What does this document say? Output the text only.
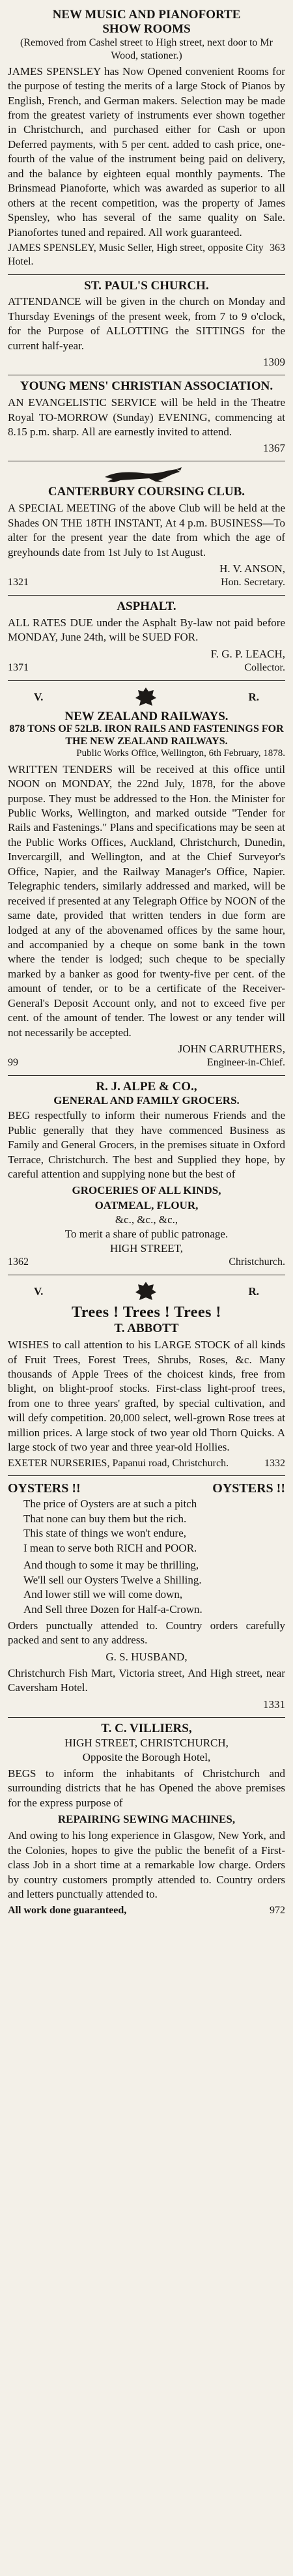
NEW MUSIC AND PIANOFORTE
SHOW ROOMS
(Removed from Cashel street to High street, next door to Mr Wood, stationer.)

JAMES SPENSLEY has Now Opened convenient Rooms for the purpose of testing the merits of a large Stock of Pianos by English, French, and German makers. Selection may be made from the greatest variety of instruments ever shown together in Christchurch, and purchased either for Cash or upon Deferred payments, with 5 per cent. added to cash price, one-fourth of the value of the instrument being paid on delivery, and the balance by eighteen equal monthly payments. The Brinsmead Pianoforte, which was awarded as superior to all others at the recent competition, was the property of James Spensley, who has several of the same quality on Sale. Pianofortes tuned and repaired. All work guaranteed.

JAMES SPENSLEY, Music Seller, High street, opposite City Hotel.
363
ST. PAUL'S CHURCH.

ATTENDANCE will be given in the church on Monday and Thursday Evenings of the present week, from 7 to 9 o'clock, for the Purpose of ALLOTTING the SITTINGS for the current half-year.

1309
YOUNG MENS' CHRISTIAN ASSOCIATION.

AN EVANGELISTIC SERVICE will be held in the Theatre Royal TO-MORROW (Sunday) EVENING, commencing at 8.15 p.m. sharp. All are earnestly invited to attend.

1367
CANTERBURY COURSING CLUB.

A SPECIAL MEETING of the above Club will be held at the Shades ON THE 18TH INSTANT, At 4 p.m. BUSINESS—To alter for the present year the date from which the age of greyhounds date from 1st July to 1st August.

H. V. ANSON,
1321	Hon. Secretary.
ASPHALT.

ALL RATES DUE under the Asphalt By-law not paid before MONDAY, June 24th, will be SUED FOR.

F. G. P. LEACH,
1371	Collector.
V.	R.
NEW ZEALAND RAILWAYS.
878 TONS OF 52LB. IRON RAILS AND FASTENINGS FOR THE NEW ZEALAND RAILWAYS.
Public Works Office, Wellington, 6th February, 1878.

WRITTEN TENDERS will be received at this office until NOON on MONDAY, the 22nd July, 1878, for the above purpose. They must be addressed to the Hon. the Minister for Public Works, Wellington, and marked outside "Tender for Rails and Fastenings." Plans and specifications may be seen at the Public Works Offices, Auckland, Christchurch, Dunedin, Invercargill, and Wellington, and at the Chief Surveyor's Office, Napier, and the Railway Manager's Office, Napier. Telegraphic tenders, similarly addressed and marked, will be received if presented at any Telegraph Office by NOON of the same date, provided that written tenders in due form are lodged at any of the abovenamed offices by the same hour, and accompanied by a cheque on some bank in the town where the tender is lodged; such cheque to be specially marked by a banker as good for twenty-five per cent. of the amount of tender, or to be a certificate of the Receiver-General's Deposit Account only, and not to exceed five per cent. of the amount of tender. The lowest or any tender will not necessarily be accepted.

JOHN CARRUTHERS,
99	Engineer-in-Chief.
R. J. ALPE & CO.,
GENERAL AND FAMILY GROCERS.

BEG respectfully to inform their numerous Friends and the Public generally that they have commenced Business as Family and General Grocers, in the premises situate in Oxford Terrace, Christchurch. The best and Supplied they hope, by careful attention and supplying none but the best of

GROCERIES OF ALL KINDS,
OATMEAL, FLOUR,
&c., &c., &c.,
To merit a share of public patronage.
HIGH STREET,
1362	Christchurch.
V.	R.
Trees ! Trees ! Trees !
T. ABBOTT

WISHES to call attention to his LARGE STOCK of all kinds of Fruit Trees, Forest Trees, Shrubs, Roses, &c. Many thousands of Apple Trees of the choicest kinds, free from blight, on blight-proof stocks. First-class light-proof trees, from one to three years' grafted, by special cultivation, and will defy competition. 20,000 select, well-grown Rose trees at million prices. A large stock of two year old Thorn Quicks. A large stock of two year and three year-old Hollies.

EXETER NURSERIES, Papanui road, Christchurch.	1332
OYSTERS !!	OYSTERS !!
The price of Oysters are at such a pitch
That none can buy them but the rich.
This state of things we won't endure,
I mean to serve both RICH and POOR.
And though to some it may be thrilling,
We'll sell our Oysters Twelve a Shilling.
And lower still we will come down,
And Sell three Dozen for Half-a-Crown.

Orders punctually attended to. Country orders carefully packed and sent to any address.

G. S. HUSBAND,

Christchurch Fish Mart, Victoria street, And High street, near Caversham Hotel.

1331
T. C. VILLIERS,
HIGH STREET, CHRISTCHURCH,
Opposite the Borough Hotel,

BEGS to inform the inhabitants of Christchurch and surrounding districts that he has Opened the above premises for the express purpose of

REPAIRING SEWING MACHINES,

And owing to his long experience in Glasgow, New York, and the Colonies, hopes to give the public the benefit of a First-class Job in a short time at a remarkable low charge. Orders by country customers promptly attended to. Country orders and letters punctually attended to.

All work done guaranteed,	972
